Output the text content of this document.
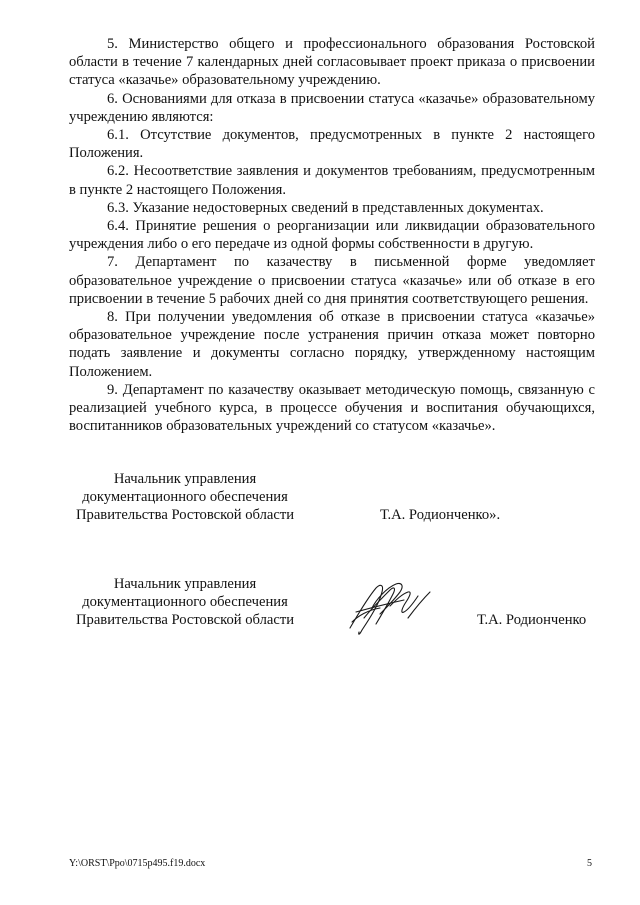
5. Министерство общего и профессионального образования Ростовской области в течение 7 календарных дней согласовывает проект приказа о присвоении статуса «казачье» образовательному учреждению.

6. Основаниями для отказа в присвоении статуса «казачье» образовательному учреждению являются:

6.1. Отсутствие документов, предусмотренных в пункте 2 настоящего Положения.

6.2. Несоответствие заявления и документов требованиям, предусмотренным в пункте 2 настоящего Положения.

6.3. Указание недостоверных сведений в представленных документах.

6.4. Принятие решения о реорганизации или ликвидации образовательного учреждения либо о его передаче из одной формы собственности в другую.

7. Департамент по казачеству в письменной форме уведомляет образовательное учреждение о присвоении статуса «казачье» или об отказе в его присвоении в течение 5 рабочих дней со дня принятия соответствующего решения.

8. При получении уведомления об отказе в присвоении статуса «казачье» образовательное учреждение после устранения причин отказа может повторно подать заявление и документы согласно порядку, утвержденному настоящим Положением.

9. Департамент по казачеству оказывает методическую помощь, связанную с реализацией учебного курса, в процессе обучения и воспитания обучающихся, воспитанников образовательных учреждений со статусом «казачье».

Начальник управления
документационного обеспечения
Правительства Ростовской области	Т.А. Родионченко».
Начальник управления
документационного обеспечения
Правительства Ростовской области	Т.А. Родионченко
Y:\ORST\Ppo\0715p495.f19.docx	5
